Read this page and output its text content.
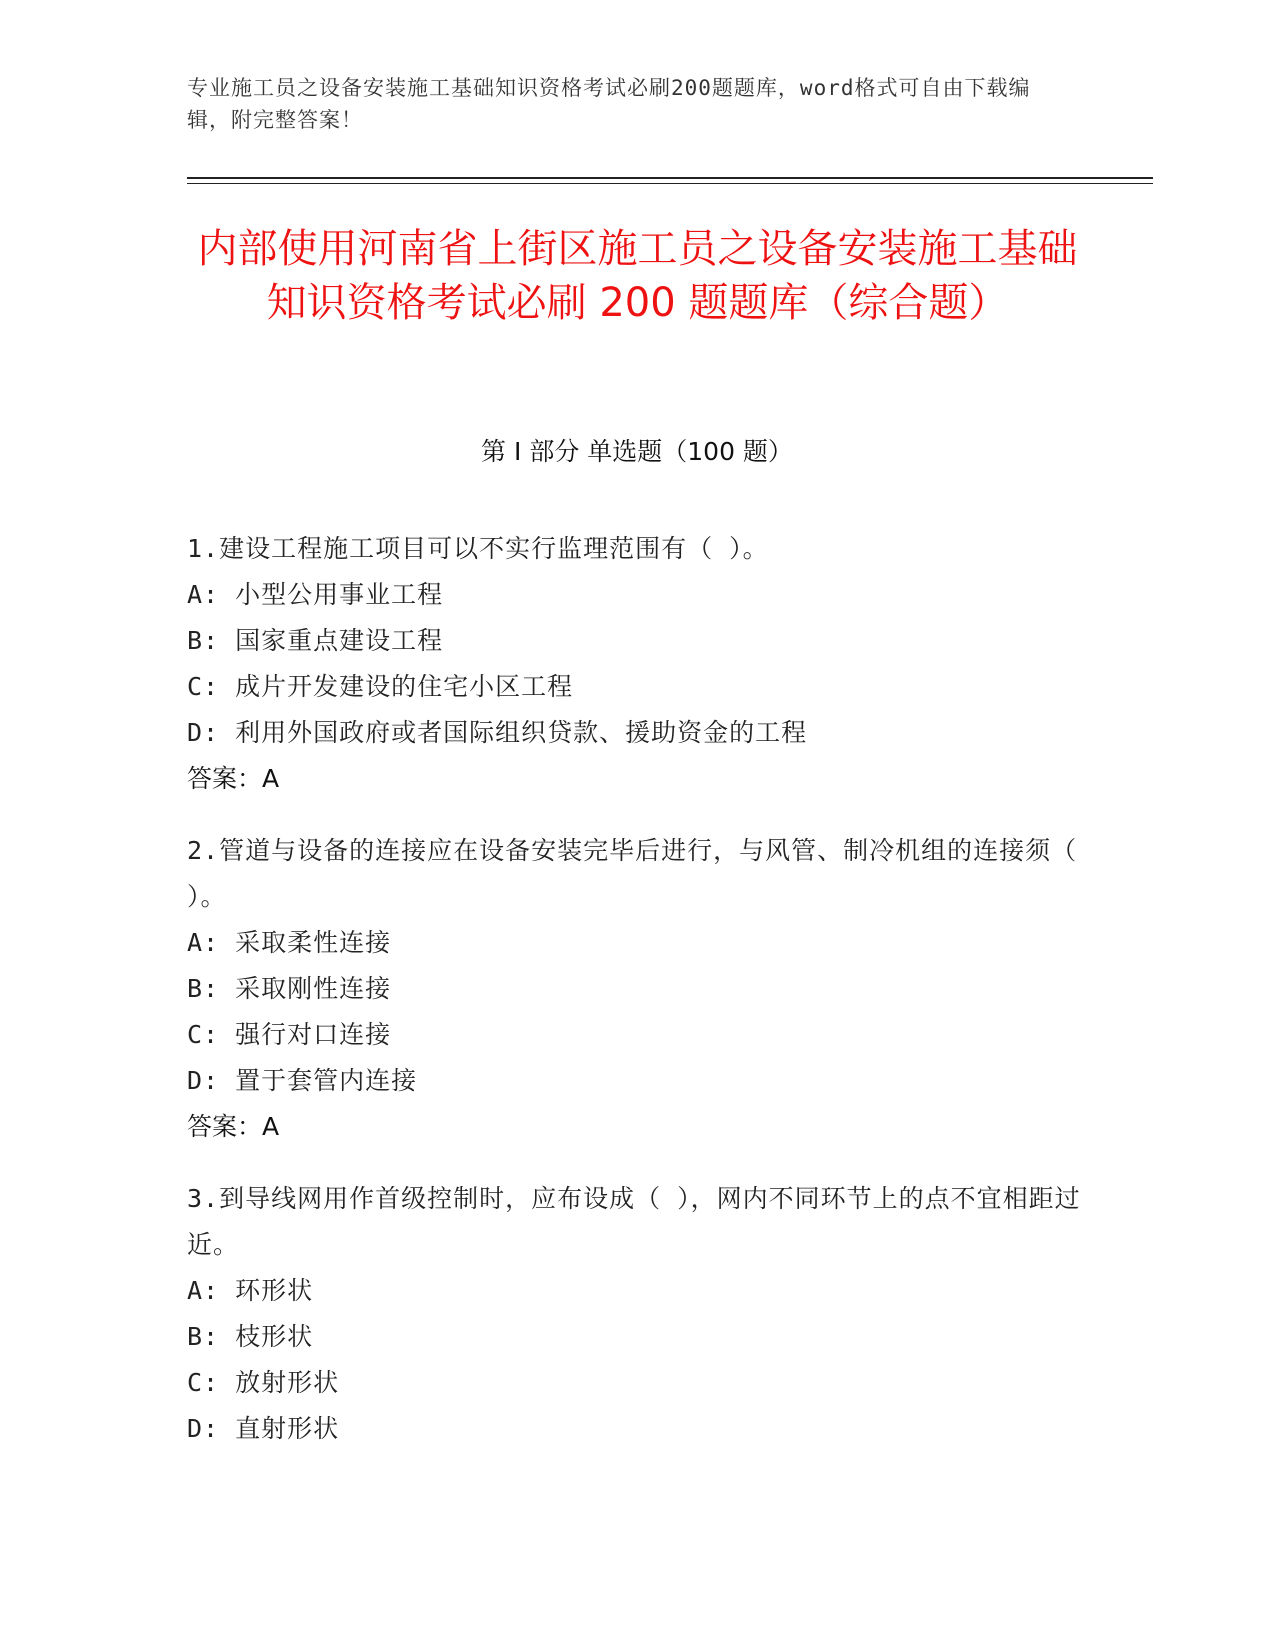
专业施工员之设备安装施工基础知识资格考试必刷200题题库，word格式可自由下载编辑，附完整答案！
内部使用河南省上街区施工员之设备安装施工基础知识资格考试必刷 200 题题库（综合题）
第 I 部分 单选题（100 题）
1.建设工程施工项目可以不实行监理范围有（ ）。
A: 小型公用事业工程
B: 国家重点建设工程
C: 成片开发建设的住宅小区工程
D: 利用外国政府或者国际组织贷款、援助资金的工程
答案：A
2.管道与设备的连接应在设备安装完毕后进行，与风管、制冷机组的连接须（ ）。
A: 采取柔性连接
B: 采取刚性连接
C: 强行对口连接
D: 置于套管内连接
答案：A
3.到导线网用作首级控制时，应布设成（ ），网内不同环节上的点不宜相距过近。
A: 环形状
B: 枝形状
C: 放射形状
D: 直射形状
